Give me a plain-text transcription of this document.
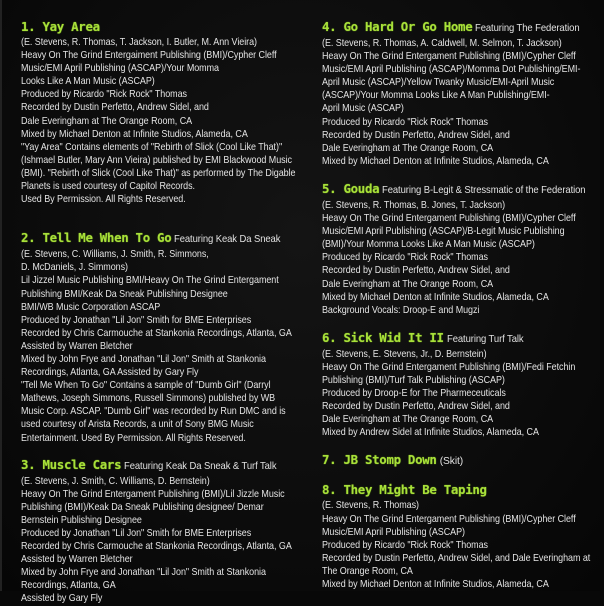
1. Yay Area
(E. Stevens, R. Thomas, T. Jackson, I. Butler, M. Ann Vieira)
Heavy On The Grind Entergaiment Publishing (BMI)/Cypher Cleff
Music/EMI April Publishing (ASCAP)/Your Momma
Looks Like A Man Music (ASCAP)
Produced by Ricardo "Rick Rock" Thomas
Recorded by Dustin Perfetto, Andrew Sidel, and
Dale Everingham at The Orange Room, CA
Mixed by Michael Denton at Infinite Studios, Alameda, CA
"Yay Area" Contains elements of "Rebirth of Slick (Cool Like That)"
(Ishmael Butler, Mary Ann Vieira) published by EMI Blackwood Music
(BMI). "Rebirth of Slick (Cool Like That)" as performed by The Digable
Planets is used courtesy of Capitol Records.
Used By Permission. All Rights Reserved.
2. Tell Me When To Go Featuring Keak Da Sneak
(E. Stevens, C. Williams, J. Smith, R. Simmons,
D. McDaniels, J. Simmons)
Lil Jizzel Music Publishing BMI/Heavy On The Grind Entergament
Publishing BMI/Keak Da Sneak Publishing Designee
BMI/WB Music Corporation ASCAP
Produced by Jonathan "Lil Jon" Smith for BME Enterprises
Recorded by Chris Carmouche at Stankonia Recordings, Atlanta, GA
Assisted by Warren Bletcher
Mixed by John Frye and Jonathan "Lil Jon" Smith at Stankonia
Recordings, Atlanta, GA Assisted by Gary Fly
"Tell Me When To Go" Contains a sample of "Dumb Girl" (Darryl
Mathews, Joseph Simmons, Russell Simmons) published by WB
Music Corp. ASCAP. "Dumb Girl" was recorded by Run DMC and is
used courtesy of Arista Records, a unit of Sony BMG Music
Entertainment. Used By Permission. All Rights Reserved.
3. Muscle Cars Featuring Keak Da Sneak & Turf Talk
(E. Stevens, J. Smith, C. Williams, D. Bernstein)
Heavy On The Grind Entergament Publishing (BMI)/Lil Jizzle Music
Publishing (BMI)/Keak Da Sneak Publishing designee/ Demar
Bernstein Publishing Designee
Produced by Jonathan "Lil Jon" Smith for BME Enterprises
Recorded by Chris Carmouche at Stankonia Recordings, Atlanta, GA
Assisted by Warren Bletcher
Mixed by John Frye and Jonathan "Lil Jon" Smith at Stankonia
Recordings, Atlanta, GA
Assisted by Gary Fly
4. Go Hard Or Go Home Featuring The Federation
(E. Stevens, R. Thomas, A. Caldwell, M. Selmon, T. Jackson)
Heavy On The Grind Entergament Publishing (BMI)/Cypher Cleff
Music/EMI April Publishing (ASCAP)/Momma Dot Publishing/EMI-
April Music (ASCAP)/Yellow Twanky Music/EMI-April Music
(ASCAP)/Your Momma Looks Like A Man Publishing/EMI-
April Music (ASCAP)
Produced by Ricardo "Rick Rock" Thomas
Recorded by Dustin Perfetto, Andrew Sidel, and
Dale Everingham at The Orange Room, CA
Mixed by Michael Denton at Infinite Studios, Alameda, CA
5. Gouda Featuring B-Legit & Stressmatic of the Federation
(E. Stevens, R. Thomas, B. Jones, T. Jackson)
Heavy On The Grind Entergament Publishing (BMI)/Cypher Cleff
Music/EMI April Publishing (ASCAP)/B-Legit Music Publishing
(BMI)/Your Momma Looks Like A Man Music (ASCAP)
Produced by Ricardo "Rick Rock" Thomas
Recorded by Dustin Perfetto, Andrew Sidel, and
Dale Everingham at The Orange Room, CA
Mixed by Michael Denton at Infinite Studios, Alameda, CA
Background Vocals: Droop-E and Mugzi
6. Sick Wid It II Featuring Turf Talk
(E. Stevens, E. Stevens, Jr., D. Bernstein)
Heavy On The Grind Entergament Publishing (BMI)/Fedi Fetchin
Publishing (BMI)/Turf Talk Publishing (ASCAP)
Produced by Droop-E for The Pharmeceuticals
Recorded by Dustin Perfetto, Andrew Sidel, and
Dale Everingham at The Orange Room, CA
Mixed by Andrew Sidel at Infinite Studios, Alameda, CA
7. JB Stomp Down (Skit)
8. They Might Be Taping
(E. Stevens, R. Thomas)
Heavy On The Grind Entergament Publishing (BMI)/Cypher Cleff
Music/EMI April Publishing (ASCAP)
Produced by Ricardo "Rick Rock" Thomas
Recorded by Dustin Perfetto, Andrew Sidel, and Dale Everingham at
The Orange Room, CA
Mixed by Michael Denton at Infinite Studios, Alameda, CA
